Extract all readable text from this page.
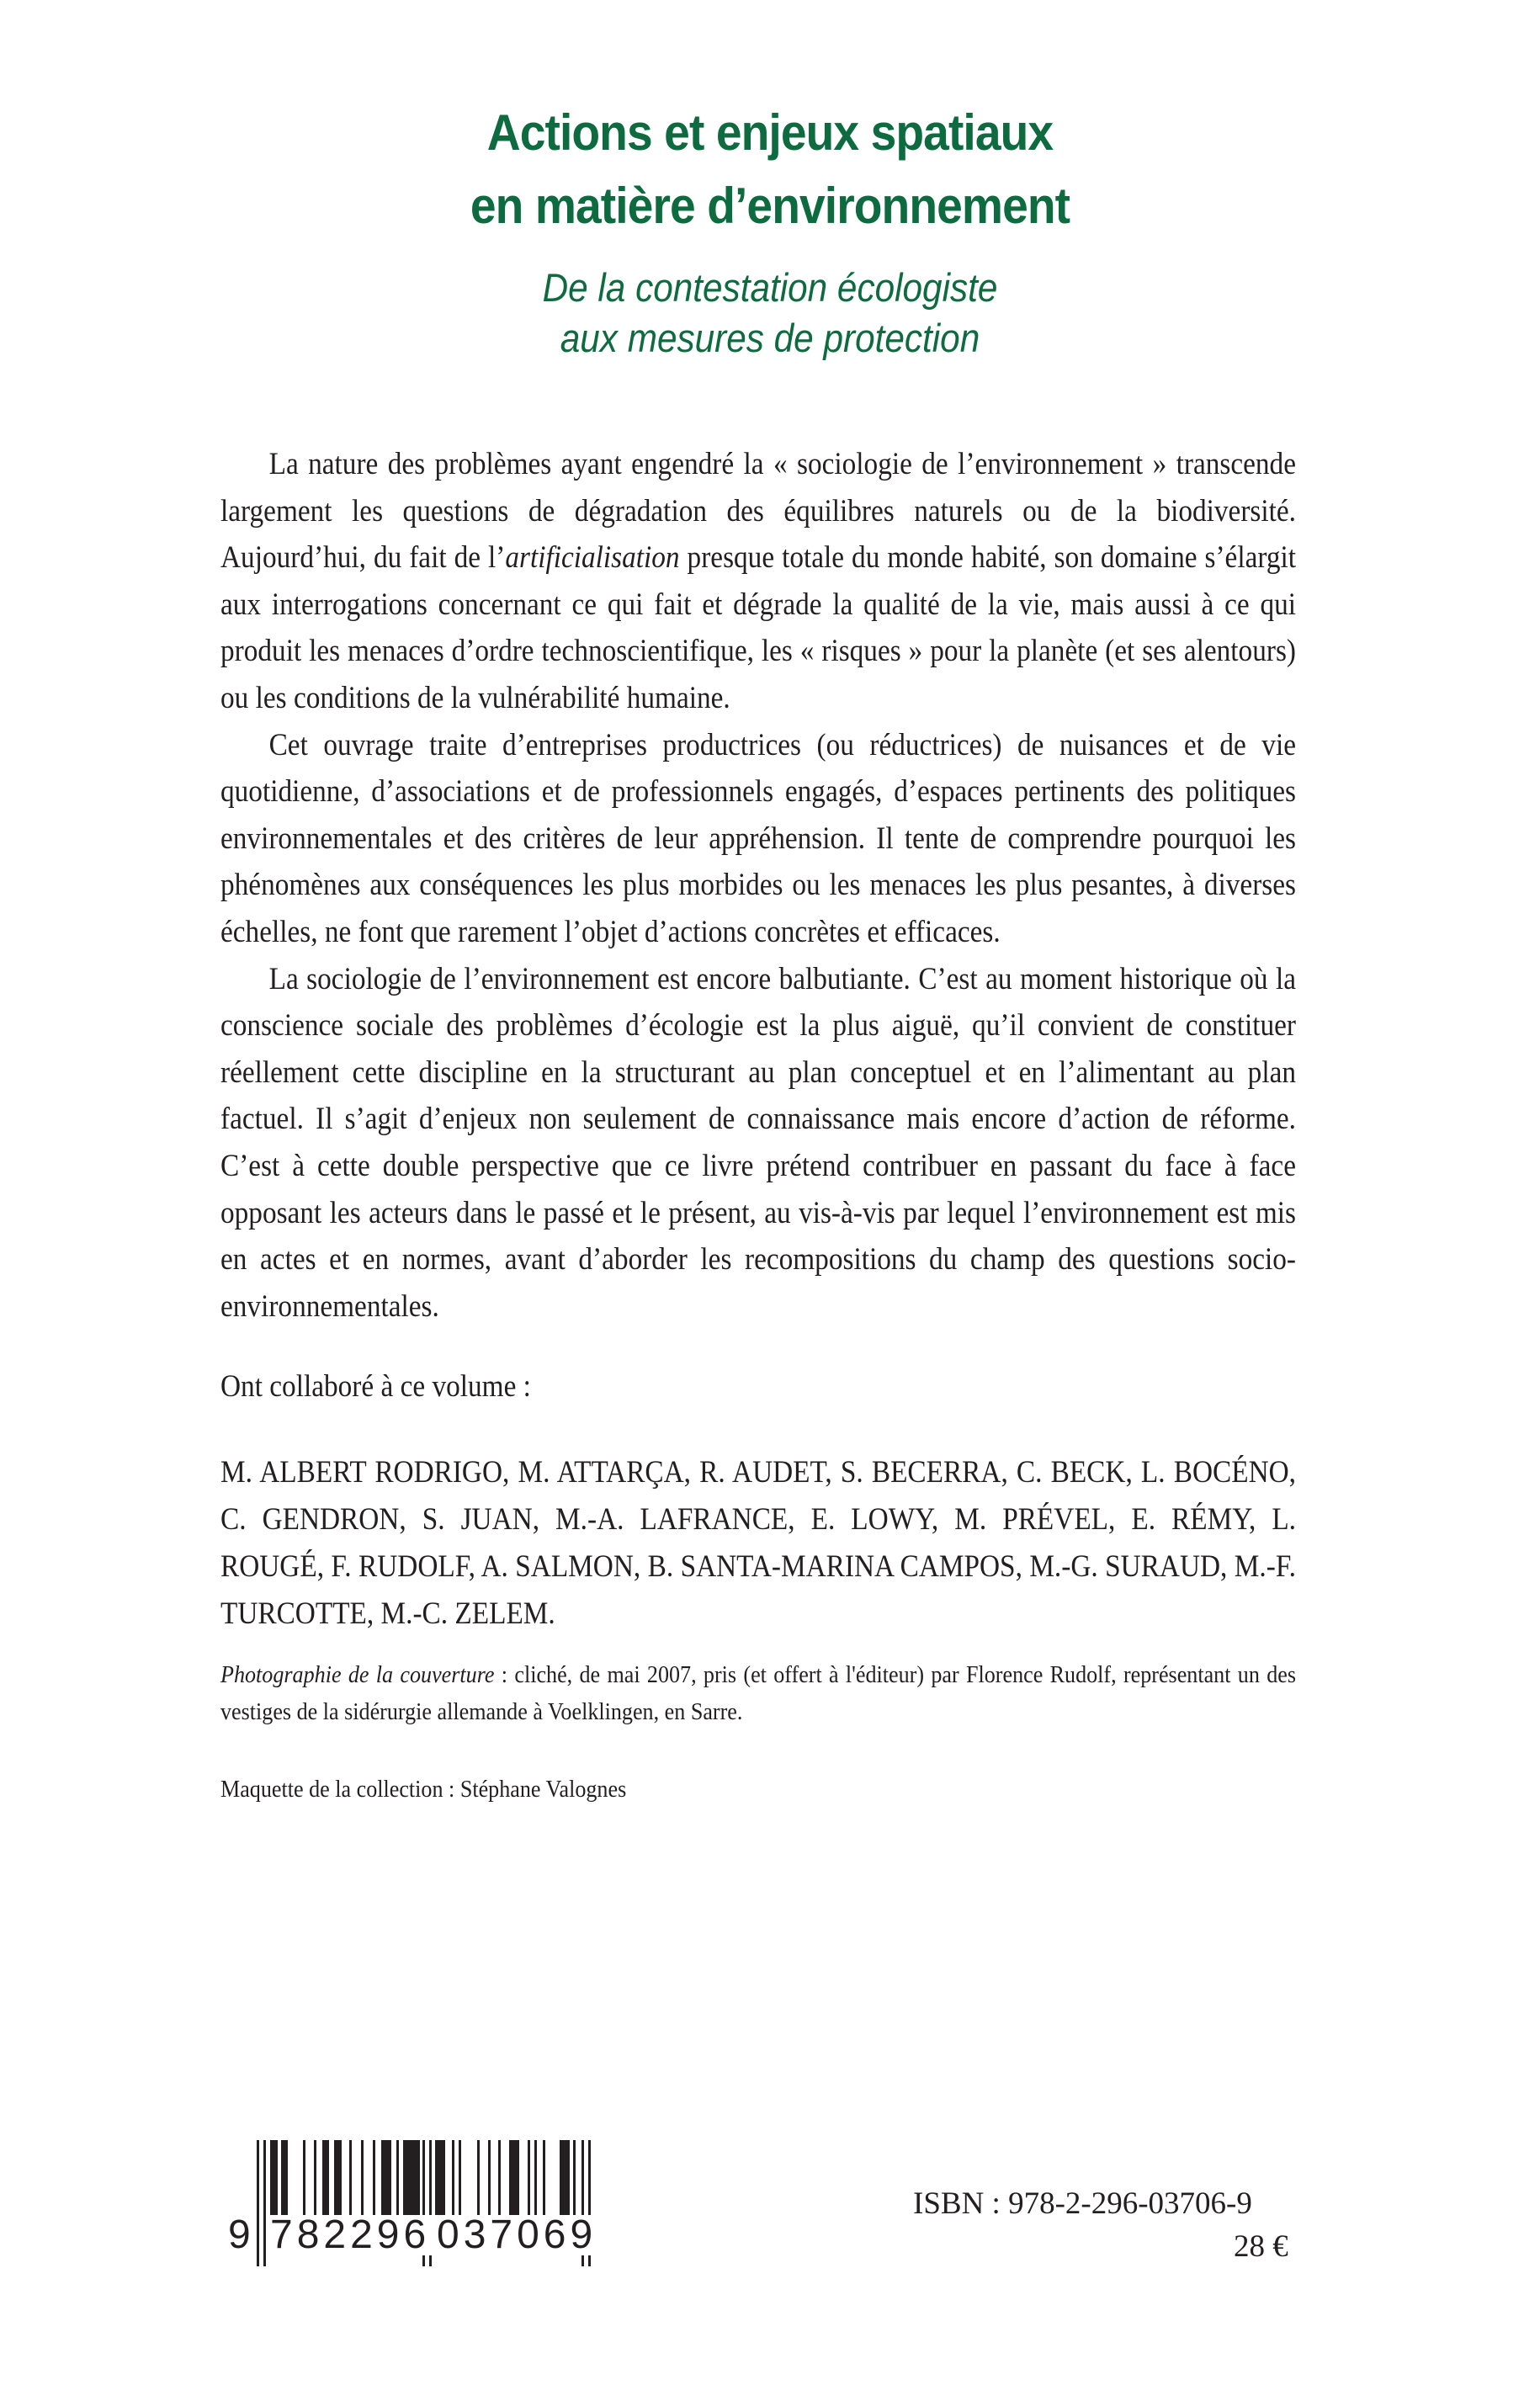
Actions et enjeux spatiaux
en matière d’environnement
De la contestation écologiste
aux mesures de protection

La nature des problèmes ayant engendré la « sociologie de l’environnement » transcende largement les questions de dégradation des équilibres naturels ou de la biodiversité. Aujourd’hui, du fait de l’artificialisation presque totale du monde habité, son domaine s’élargit aux interrogations concernant ce qui fait et dégrade la qualité de la vie, mais aussi à ce qui produit les menaces d’ordre technoscientifique, les « risques » pour la planète (et ses alentours) ou les conditions de la vulnérabilité humaine.

Cet ouvrage traite d’entreprises productrices (ou réductrices) de nuisances et de vie quotidienne, d’associations et de professionnels engagés, d’espaces pertinents des politiques environnementales et des critères de leur appréhension. Il tente de comprendre pourquoi les phénomènes aux conséquences les plus morbides ou les menaces les plus pesantes, à diverses échelles, ne font que rarement l’objet d’actions concrètes et efficaces.

La sociologie de l’environnement est encore balbutiante. C’est au moment historique où la conscience sociale des problèmes d’écologie est la plus aiguë, qu’il convient de constituer réellement cette discipline en la structurant au plan conceptuel et en l’alimentant au plan factuel. Il s’agit d’enjeux non seulement de connaissance mais encore d’action de réforme. C’est à cette double perspective que ce livre prétend contribuer en passant du face à face opposant les acteurs dans le passé et le présent, au vis-à-vis par lequel l’environnement est mis en actes et en normes, avant d’aborder les recompositions du champ des questions socio-environnementales.

Ont collaboré à ce volume :
M. ALBERT RODRIGO, M. ATTARÇA, R. AUDET, S. BECERRA, C. BECK, L. BOCÉNO, C. GENDRON, S. JUAN, M.-A. LAFRANCE, E. LOWY, M. PRÉVEL, E. RÉMY, L. ROUGÉ, F. RUDOLF, A. SALMON, B. SANTA-MARINA CAMPOS, M.-G. SURAUD, M.-F. TURCOTTE, M.-C. ZELEM.
Photographie de la couverture : cliché, de mai 2007, pris (et offert à l'éditeur) par Florence Rudolf, représentant un des vestiges de la sidérurgie allemande à Voelklingen, en Sarre.
Maquette de la collection : Stéphane Valognes
9 782296 037069
ISBN : 978-2-296-03706-9
28 €
